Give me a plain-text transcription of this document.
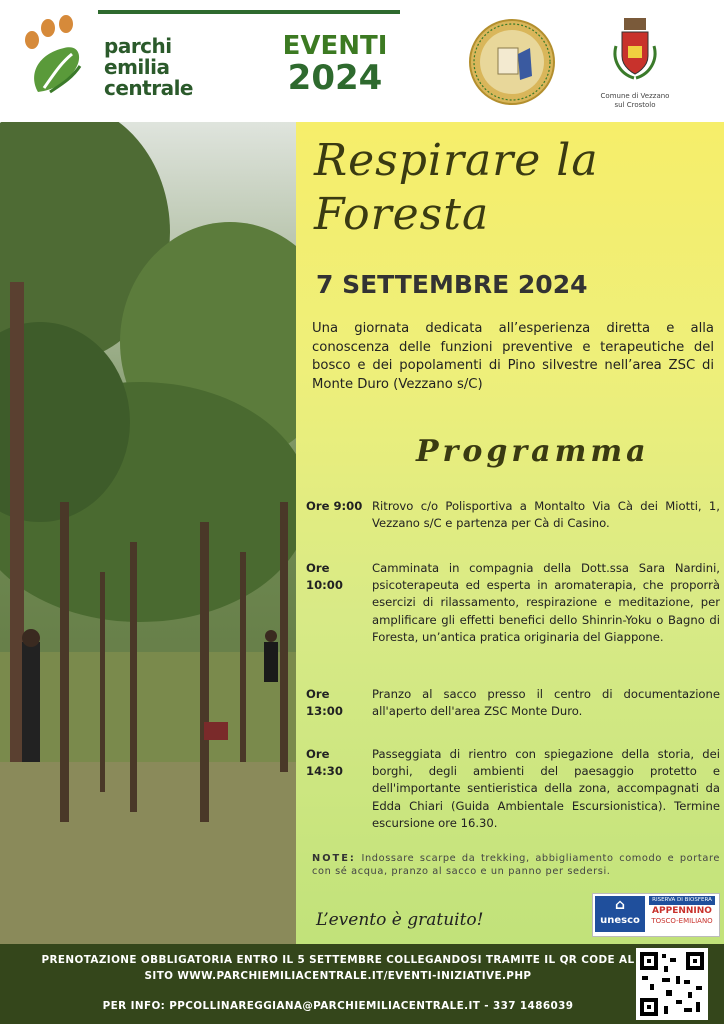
parchi
emilia
centrale
EVENTI
2024	Comune di Vezzano sul Crostolo
Respirare la Foresta
7 SETTEMBRE 2024
Una giornata dedicata all’esperienza diretta e alla conoscenza delle funzioni preventive e terapeutiche del bosco e dei popolamenti di Pino silvestre nell’area ZSC di Monte Duro (Vezzano s/C)
Programma
Ore 9:00 Ritrovo c/o Polisportiva a Montalto Via Cà dei Miotti, 1, Vezzano s/C e partenza per Cà di Casino.
Ore 10:00
Camminata in compagnia della Dott.ssa Sara Nardini, psicoterapeuta ed esperta in aromaterapia, che proporrà esercizi di rilassamento, respirazione e meditazione, per amplificare gli effetti benefici dello Shinrin-Yoku o Bagno di Foresta, un’antica pratica originaria del Giappone.
Ore 13:00
Pranzo al sacco presso il centro di documentazione all'aperto dell'area ZSC Monte Duro.
Ore 14:30
Passeggiata di rientro con spiegazione della storia, dei borghi, degli ambienti del paesaggio protetto e dell'importante sentieristica della zona, accompagnati da Edda Chiari (Guida Ambientale Escursionistica). Termine escursione ore 16.30.
NOTE: Indossare scarpe da trekking, abbigliamento comodo e portare con sé acqua, pranzo al sacco e un panno per sedersi.
L’evento è gratuito!
⌂
unesco
RISERVA DI BIOSFERA
APPENNINO
TOSCO-EMILIANO
PRENOTAZIONE OBBLIGATORIA ENTRO IL 5 SETTEMBRE COLLEGANDOSI TRAMITE IL QR CODE AL SITO WWW.PARCHIEMILIACENTRALE.IT/EVENTI-INIZIATIVE.PHP
PER INFO: PPCOLLINAREGGIANA@PARCHIEMILIACENTRALE.IT - 337 1486039
